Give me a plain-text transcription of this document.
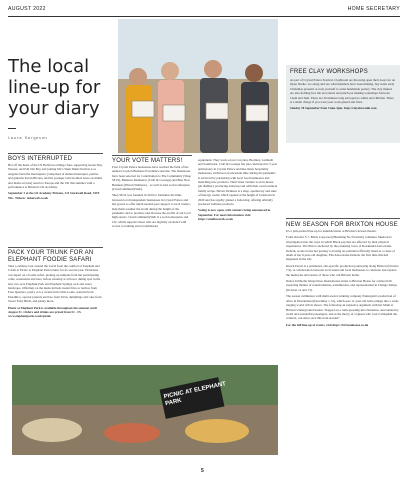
AUGUST 2022	HOME SECRETARY
The local line-up for your diary
Laura Sargeson
FREE CLAY WORKSHOPS
As part of Crystal Palace Festival, ClayRoom are throwing open their doors for an Open Studio. Go along and see what members have been making, buy some early Christmas presents or treat yourself to some handmade pottery. The clay makers are also holding free tile decoration and pinch pot making workshops between 12pm and 3pm. There are 20 minutes long and open to adults and children. There is a small charge if you want your work glazed and fired.
Sunday 18 September from 11am-4pm. http://clayshowtalk.com
BOYS INTERRUPTED
Hot off the heels of the US Hollywood Mega Tour, supporting Green Day, Weezer, and Fall Out Boy and joining UK's Slam Dunk Festival, Los Angeles band the Interrupters (comprised of Aimee Interrupter, partner and guitarist Kevin Bivona, and his younger twin brothers Jesse on drums and Justin on bass) return to Europe and the UK this summer with a performance at Brixton's O2 Academy.
September 3 at the O2 Academy Brixton, 211 Stockwell Road, SW9 9SL. Tickets: ticketweb.co.uk
PACK YOUR TRUNK FOR AN ELEPHANT FOODIE SAFARI
Take a culinary tour around the world from the comfort of Elephant and Castle at Picnic at Elephant Park returns for its second year. Picnickers can depart on a foodie safari, picking up samples from the participating cafés, restaurants and bars, before relaxing at al fresco dining spot in the new two-acre Elephant Park and Elephant Springs rock and water landscape. Offerings on the menu include loaded fries or nachos from Four Quarters, pastry or ice cream from Little Louie, arancini from Pasta&Co, special pretzels and bao from Xi'an, dumplings and cake from Sweet Fairy Birds, and plenty more.
Picnic at Elephant Park is available throughout the summer until August 31. Orders and drinks are priced from £1 - £5. www.elephantpark.co.uk/picnic
YOUR VOTE MATTERS!
Four Crystal Palace businesses have reached the final of the annual Croydon Business Excellence Awards. The businesses have been selected for Contribution to The Community (Shop SE19), Business Resilience (Craft & Courage) and Best New Business (Haven Wellness) – as well as best social enterprise (ClearCommunityWeb).
Shop SE19 was founded in 2019 to formalise the links between local independent businesses in Crystal Palace and has grown to offer much-needed peer support to local traders, help them weather the storm during the height of the pandemic and to promote and increase the profile of our local high streets. ClearCommunityWeb is a social enterprise and CIC which supports those who are digitally excluded with access to training and reconditioned
equipment. They work across Croydon, Bromley, Lambeth and Southwark. Craft & Courage has just celebrated its 5 year anniversary in Crystal Palace and like many hospitality businesses, withstood an uncertain time during the pandemic. It survived by partnering with local food businesses and launching new products. Their latest venture is an in-house gin distillery producing Antwerp Gin with their own botanical family recipe. Haven Wellness is a shop, apothecary and suite of therapy rooms which opened at the height of lockdown in 2020 and has rapidly gained a following, offering ethically produced wellness products.
Voting is now open, with winners being announced in September. For more information visit: https://smallawards.co.uk
NEW SEASON FOR BRIXTON HOUSE
It's a jam-packed line-up for autumn/winter at Brixton's newest theatre.
From October 5-7, Black Corporeal (Breathing No Freedom) continues Jukeboxx's investigation into the ways in which Black psyches are affected by their physical experiences. The film is anchored by the returning voice of Rosamund Adoo-Kissi-Debrah, as she tracks her journey to having air pollution officially listed as a cause of death of her 9-year-old daughter, Ella Adoo-Kissi-Debrah, the first time this had happened in the UK.
Knock Down is a premiered, site-specific production journeying along Brixton (October 7-9). A collaboration between local talent and local businesses to celebrate and explore the memories and stories of those who call Brixton home.
Dance Umbrella brings three international artists to Brixton House for a mixed bill exploring themes of transformation, transmission, and representation in Change Tempo (October 12 and 13).
The season culminates with multi-award-winning company Pakistgani's production of Alice in Wonderland (December 1-31), which sees 11-year-old Alice plunge into a wide-ranging world rich in shows. The following an explosive argument with her Mum at Brixton Underground station. Trapped on a train speeding into Nonsense, surrounded by weird and wonderful passengers, and at the mercy of a Queen who won't relinquish the controls, can Alice save this train around?
For the full line-up of events, visit https://brixtonhouse.co.uk
PICNIC AT ELEPHANT PARK
5
